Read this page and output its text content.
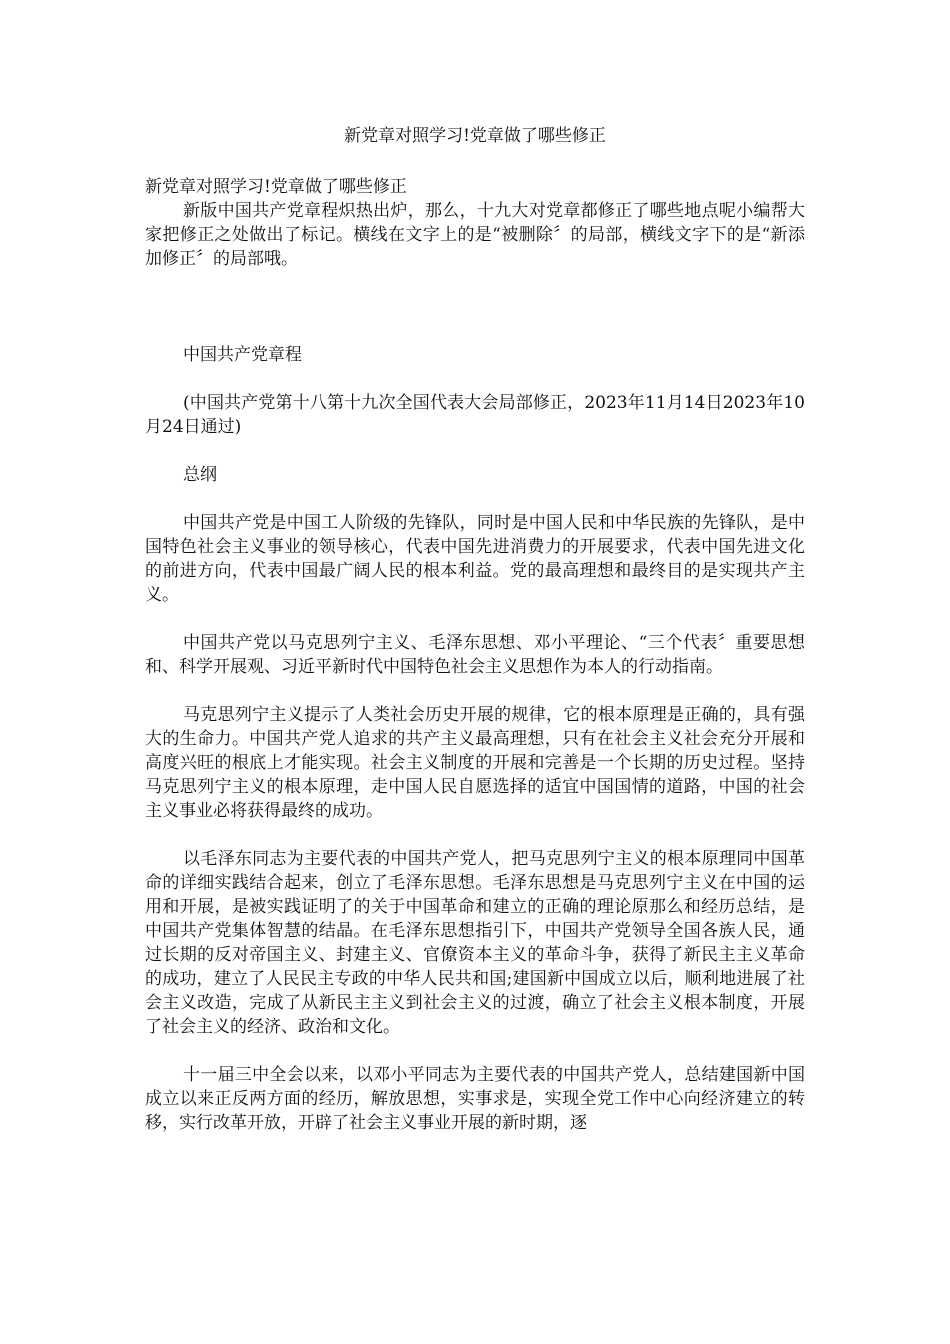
新党章对照学习!党章做了哪些修正

新党章对照学习!党章做了哪些修正

新版中国共产党章程炽热出炉，那么，十九大对党章都修正了哪些地点呢小编帮大家把修正之处做出了标记。横线在文字上的是“被删除〞的局部，横线文字下的是“新添加修正〞的局部哦。

中国共产党章程

(中国共产党第十八第十九次全国代表大会局部修正，2023年11月14日2023年10月24日通过)

总纲

中国共产党是中国工人阶级的先锋队，同时是中国人民和中华民族的先锋队，是中国特色社会主义事业的领导核心，代表中国先进消费力的开展要求，代表中国先进文化的前进方向，代表中国最广阔人民的根本利益。党的最高理想和最终目的是实现共产主义。

中国共产党以马克思列宁主义、毛泽东思想、邓小平理论、“三个代表〞重要思想和、科学开展观、习近平新时代中国特色社会主义思想作为本人的行动指南。

马克思列宁主义提示了人类社会历史开展的规律，它的根本原理是正确的，具有强大的生命力。中国共产党人追求的共产主义最高理想，只有在社会主义社会充分开展和高度兴旺的根底上才能实现。社会主义制度的开展和完善是一个长期的历史过程。坚持马克思列宁主义的根本原理，走中国人民自愿选择的适宜中国国情的道路，中国的社会主义事业必将获得最终的成功。

以毛泽东同志为主要代表的中国共产党人，把马克思列宁主义的根本原理同中国革命的详细实践结合起来，创立了毛泽东思想。毛泽东思想是马克思列宁主义在中国的运用和开展，是被实践证明了的关于中国革命和建立的正确的理论原那么和经历总结，是中国共产党集体智慧的结晶。在毛泽东思想指引下，中国共产党领导全国各族人民，通过长期的反对帝国主义、封建主义、官僚资本主义的革命斗争，获得了新民主主义革命的成功，建立了人民民主专政的中华人民共和国;建国新中国成立以后，顺利地进展了社会主义改造，完成了从新民主主义到社会主义的过渡，确立了社会主义根本制度，开展了社会主义的经济、政治和文化。

十一届三中全会以来，以邓小平同志为主要代表的中国共产党人，总结建国新中国成立以来正反两方面的经历，解放思想，实事求是，实现全党工作中心向经济建立的转移，实行改革开放，开辟了社会主义事业开展的新时期，逐
